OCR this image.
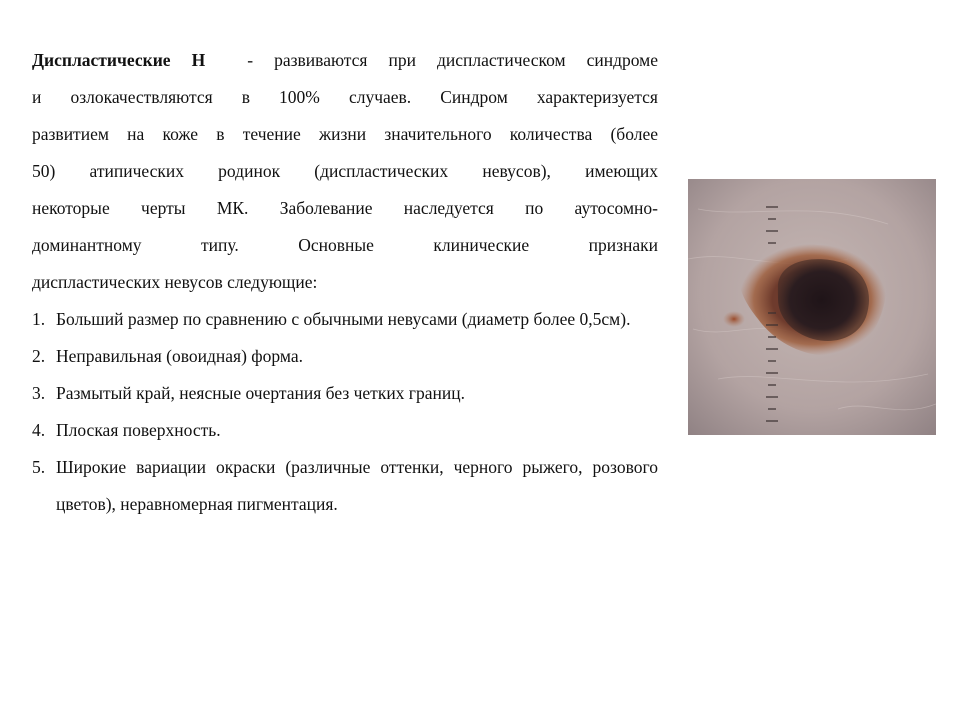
Диспластические Н - развиваются при диспластическом синдроме

и озлокачествляются в 100% случаев. Синдром характеризуется

развитием на коже в течение жизни значительного количества (более

50) атипических родинок (диспластических невусов), имеющих

некоторые черты МК. Заболевание наследуется по аутосомно-

доминантному типу. Основные клинические признаки

диспластических невусов следующие:

1. Больший размер по сравнению с обычными невусами (диаметр более 0,5см).
2. Неправильная (овоидная) форма.
3. Размытый край, неясные очертания без четких границ.
4. Плоская поверхность.
5. Широкие вариации окраски (различные оттенки, черного рыжего, розового цветов), неравномерная пигментация.
